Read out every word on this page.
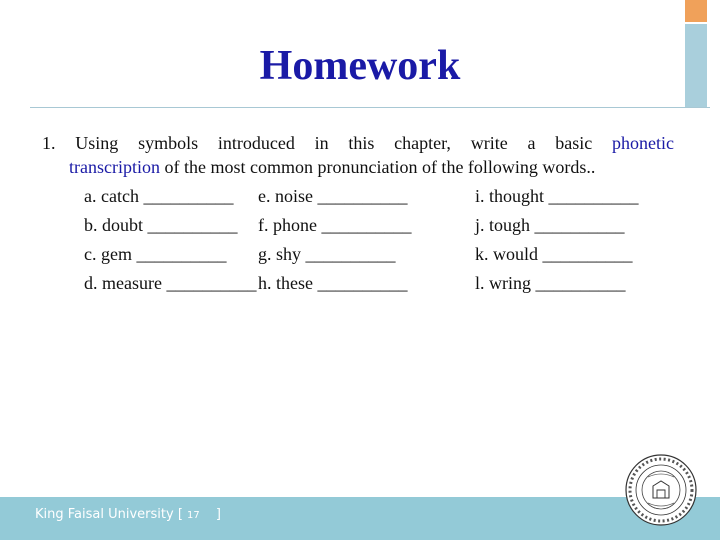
Homework
1. Using symbols introduced in this chapter, write a basic phonetic
transcription of the most common pronunciation of the following words..
a. catch __________
b. doubt __________
c. gem __________
d. measure __________
e. noise __________
f. phone __________
g. shy __________
h. these __________
i. thought __________
j. tough __________
k. would __________
l. wring __________
King Faisal University [ 17 ]
